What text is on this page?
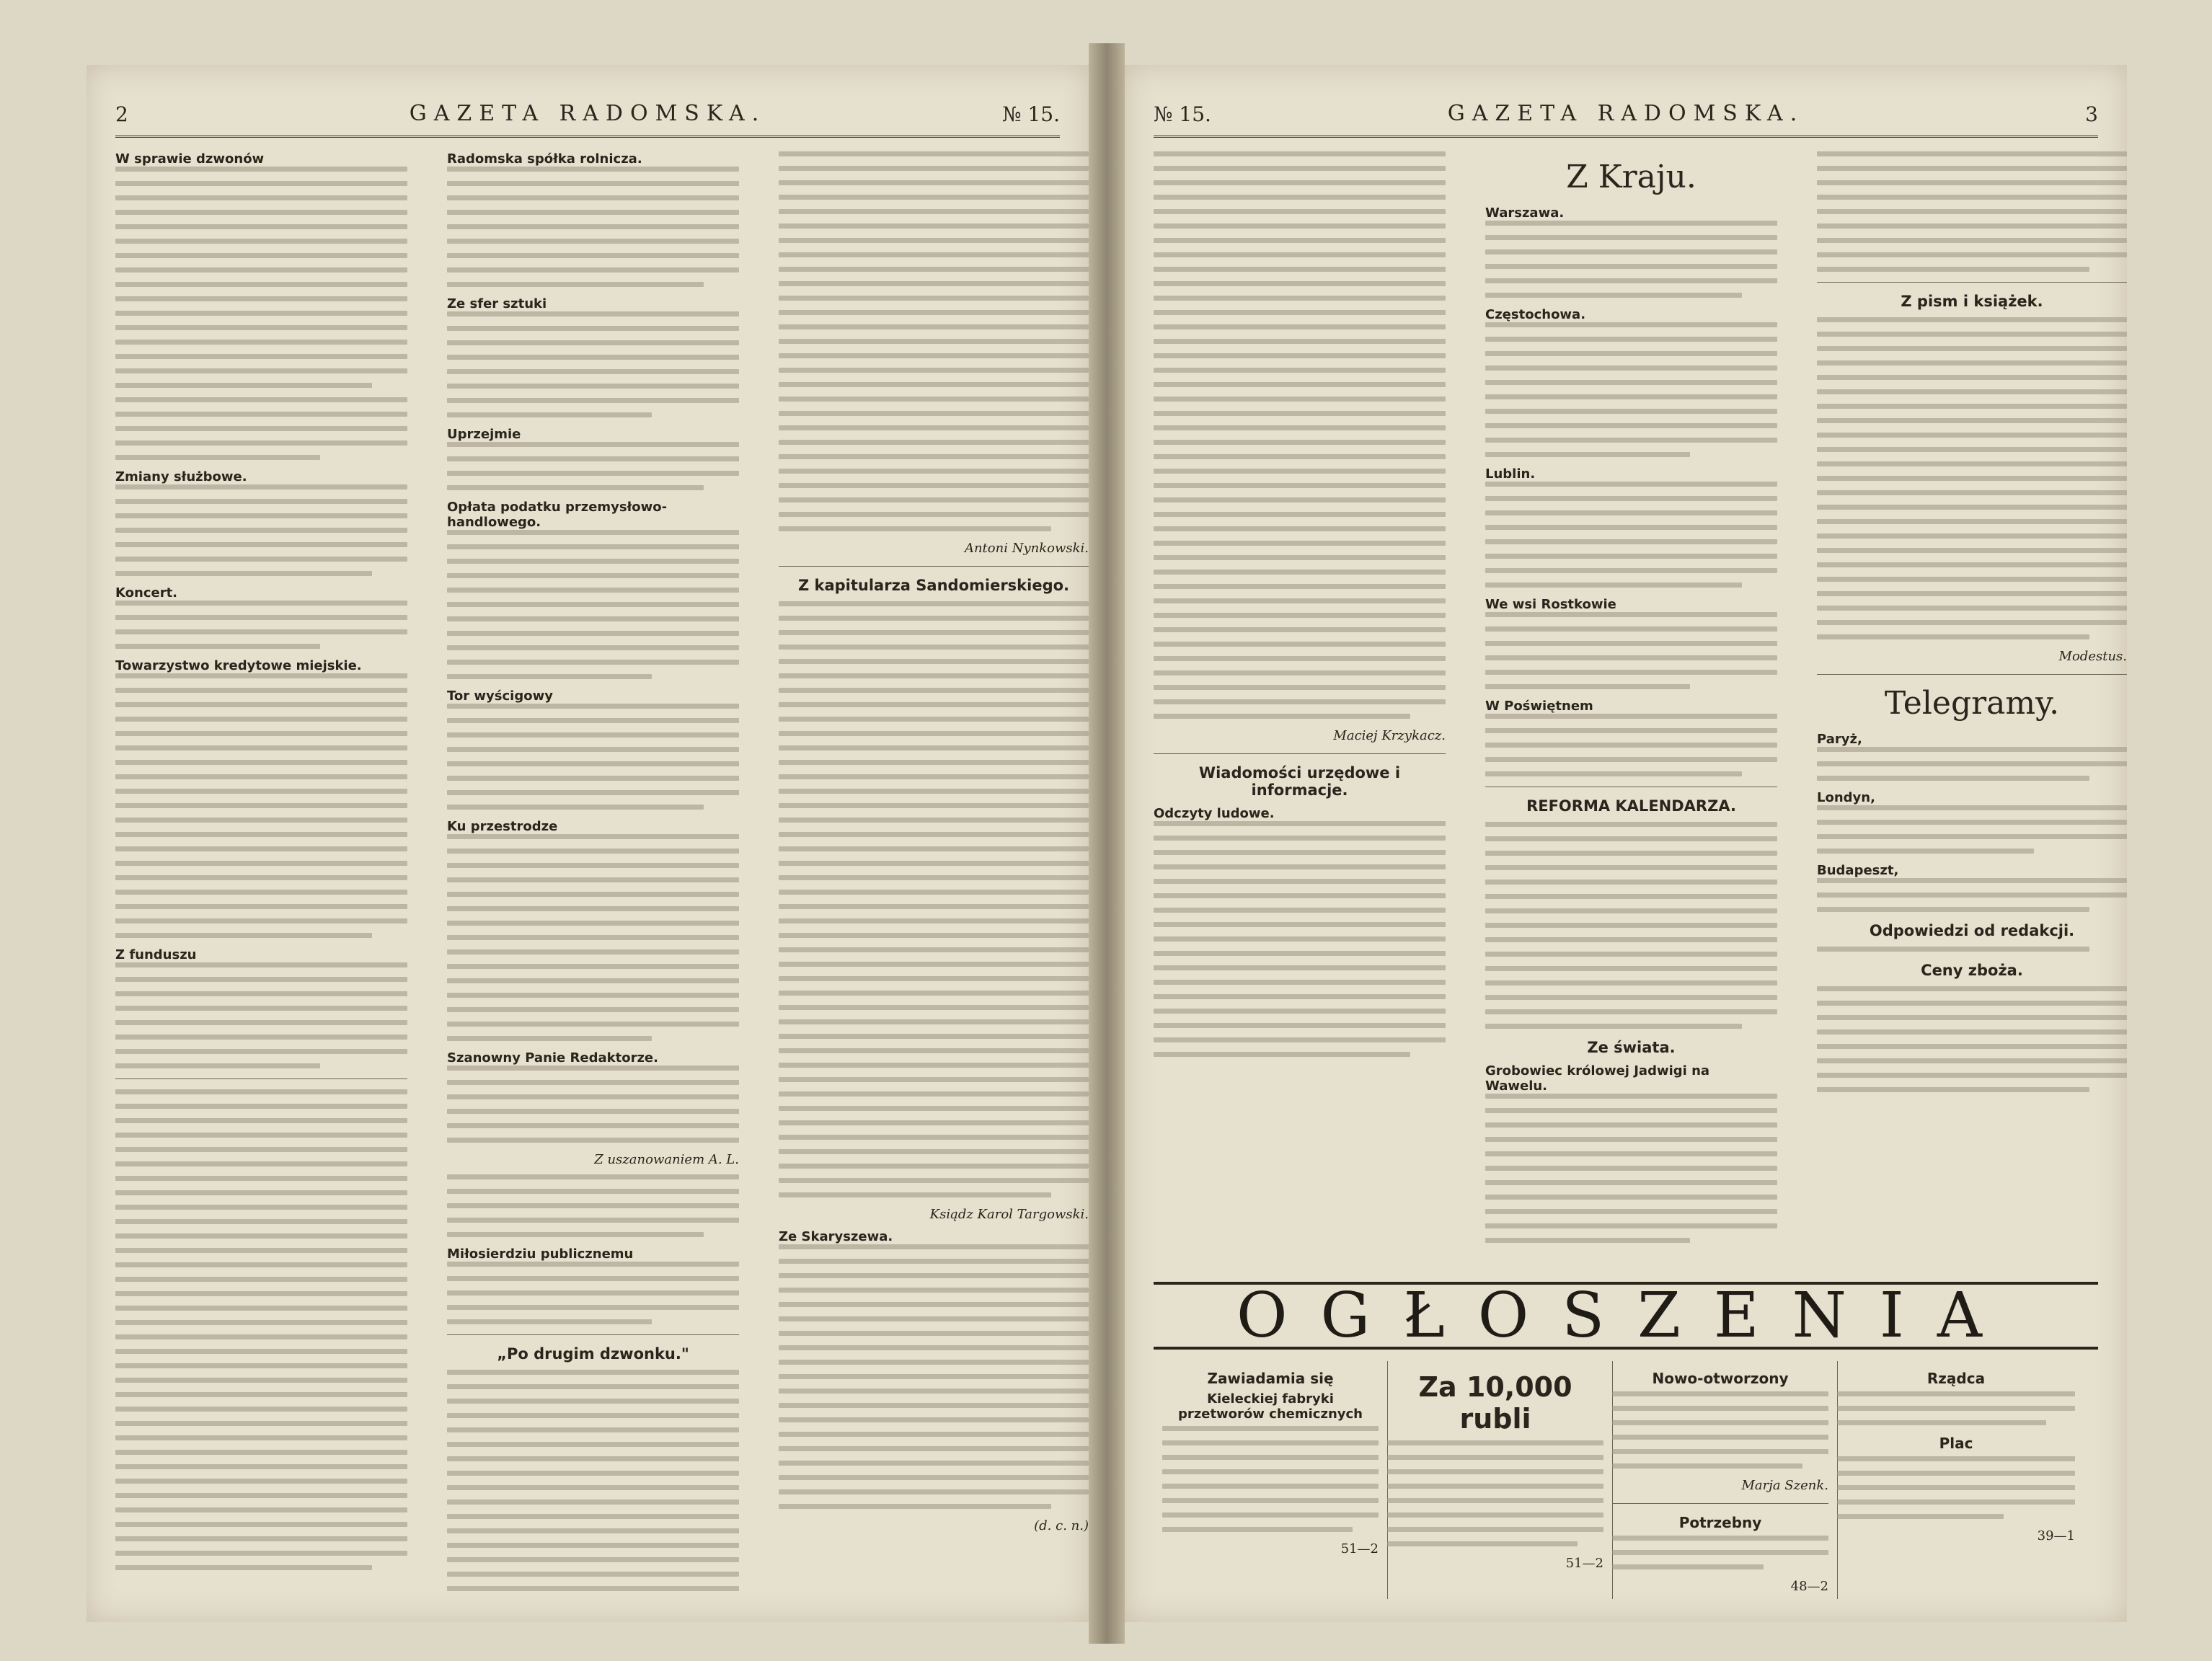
2	GAZETA RADOMSKA.	№ 15.
W sprawie dzwonów
Zmiany służbowe.
Koncert.
Towarzystwo kredytowe miejskie.
Z funduszu
Radomska spółka rolnicza.
Ze sfer sztuki
Uprzejmie
Opłata podatku przemysłowo-handlowego.
Tor wyścigowy
Ku przestrodze
Szanowny Panie Redaktorze.
Z uszanowaniem A. L.
Miłosierdziu publicznemu
„Po drugim dzwonku."
Antoni Nynkowski.
Z kapitularza Sandomierskiego.
Ksiądz Karol Targowski.
Ze Skaryszewa.
(d. c. n.)
№ 15.	GAZETA RADOMSKA.	3
Maciej Krzykacz.
Wiadomości urzędowe i informacje.
Odczyty ludowe.
Z Kraju.
Warszawa.
Częstochowa.
Lublin.
We wsi Rostkowie
W Poświętnem
REFORMA KALENDARZA.
Ze świata.
Grobowiec królowej Jadwigi na Wawelu.
Z pism i książek.
Modestus.
Telegramy.
Paryż,
Londyn,
Budapeszt,
Odpowiedzi od redakcji.
Ceny zboża.
OGŁOSZENIA
Zawiadamia się
Kieleckiej fabryki przetworów chemicznych
51—2
Za 10,000 rubli
51—2
Nowo-otworzony
Marja Szenk.
Potrzebny
48—2
Rządca
Plac
39—1
